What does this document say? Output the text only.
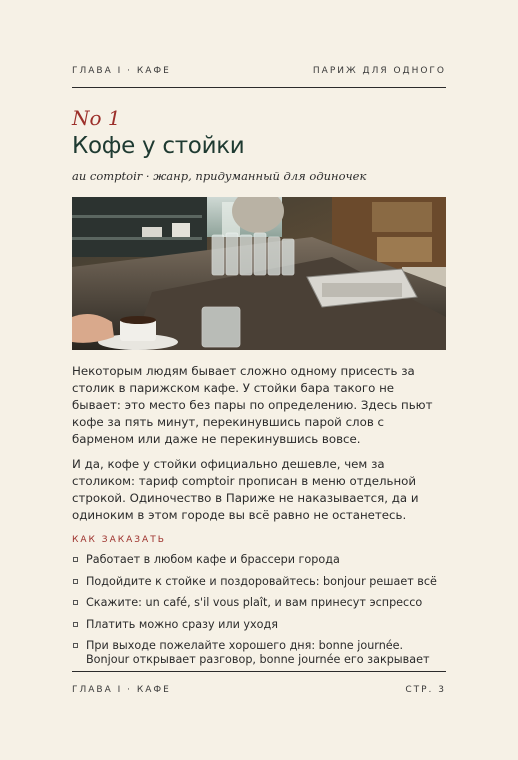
ГЛАВА I · КАФЕ	ПАРИЖ ДЛЯ ОДНОГО
No 1
Кофе у стойки
au comptoir · жанр, придуманный для одиночек
Некоторым людям бывает сложно одному присесть за столик в парижском кафе. У стойки бара такого не бывает: это место без пары по определению. Здесь пьют кофе за пять минут, перекинувшись парой слов с барменом или даже не перекинувшись вовсе.
И да, кофе у стойки официально дешевле, чем за столиком: тариф comptoir прописан в меню отдельной строкой. Одиночество в Париже не наказывается, да и одиноким в этом городе вы всё равно не останетесь.
КАК ЗАКАЗАТЬ
Работает в любом кафе и брассери города
Подойдите к стойке и поздоровайтесь: bonjour решает всё
Скажите: un café, s'il vous plaît, и вам принесут эспрессо
Платить можно сразу или уходя
При выходе пожелайте хорошего дня: bonne journée. Bonjour открывает разговор, bonne journée его закрывает
ГЛАВА I · КАФЕ	СТР. 3
